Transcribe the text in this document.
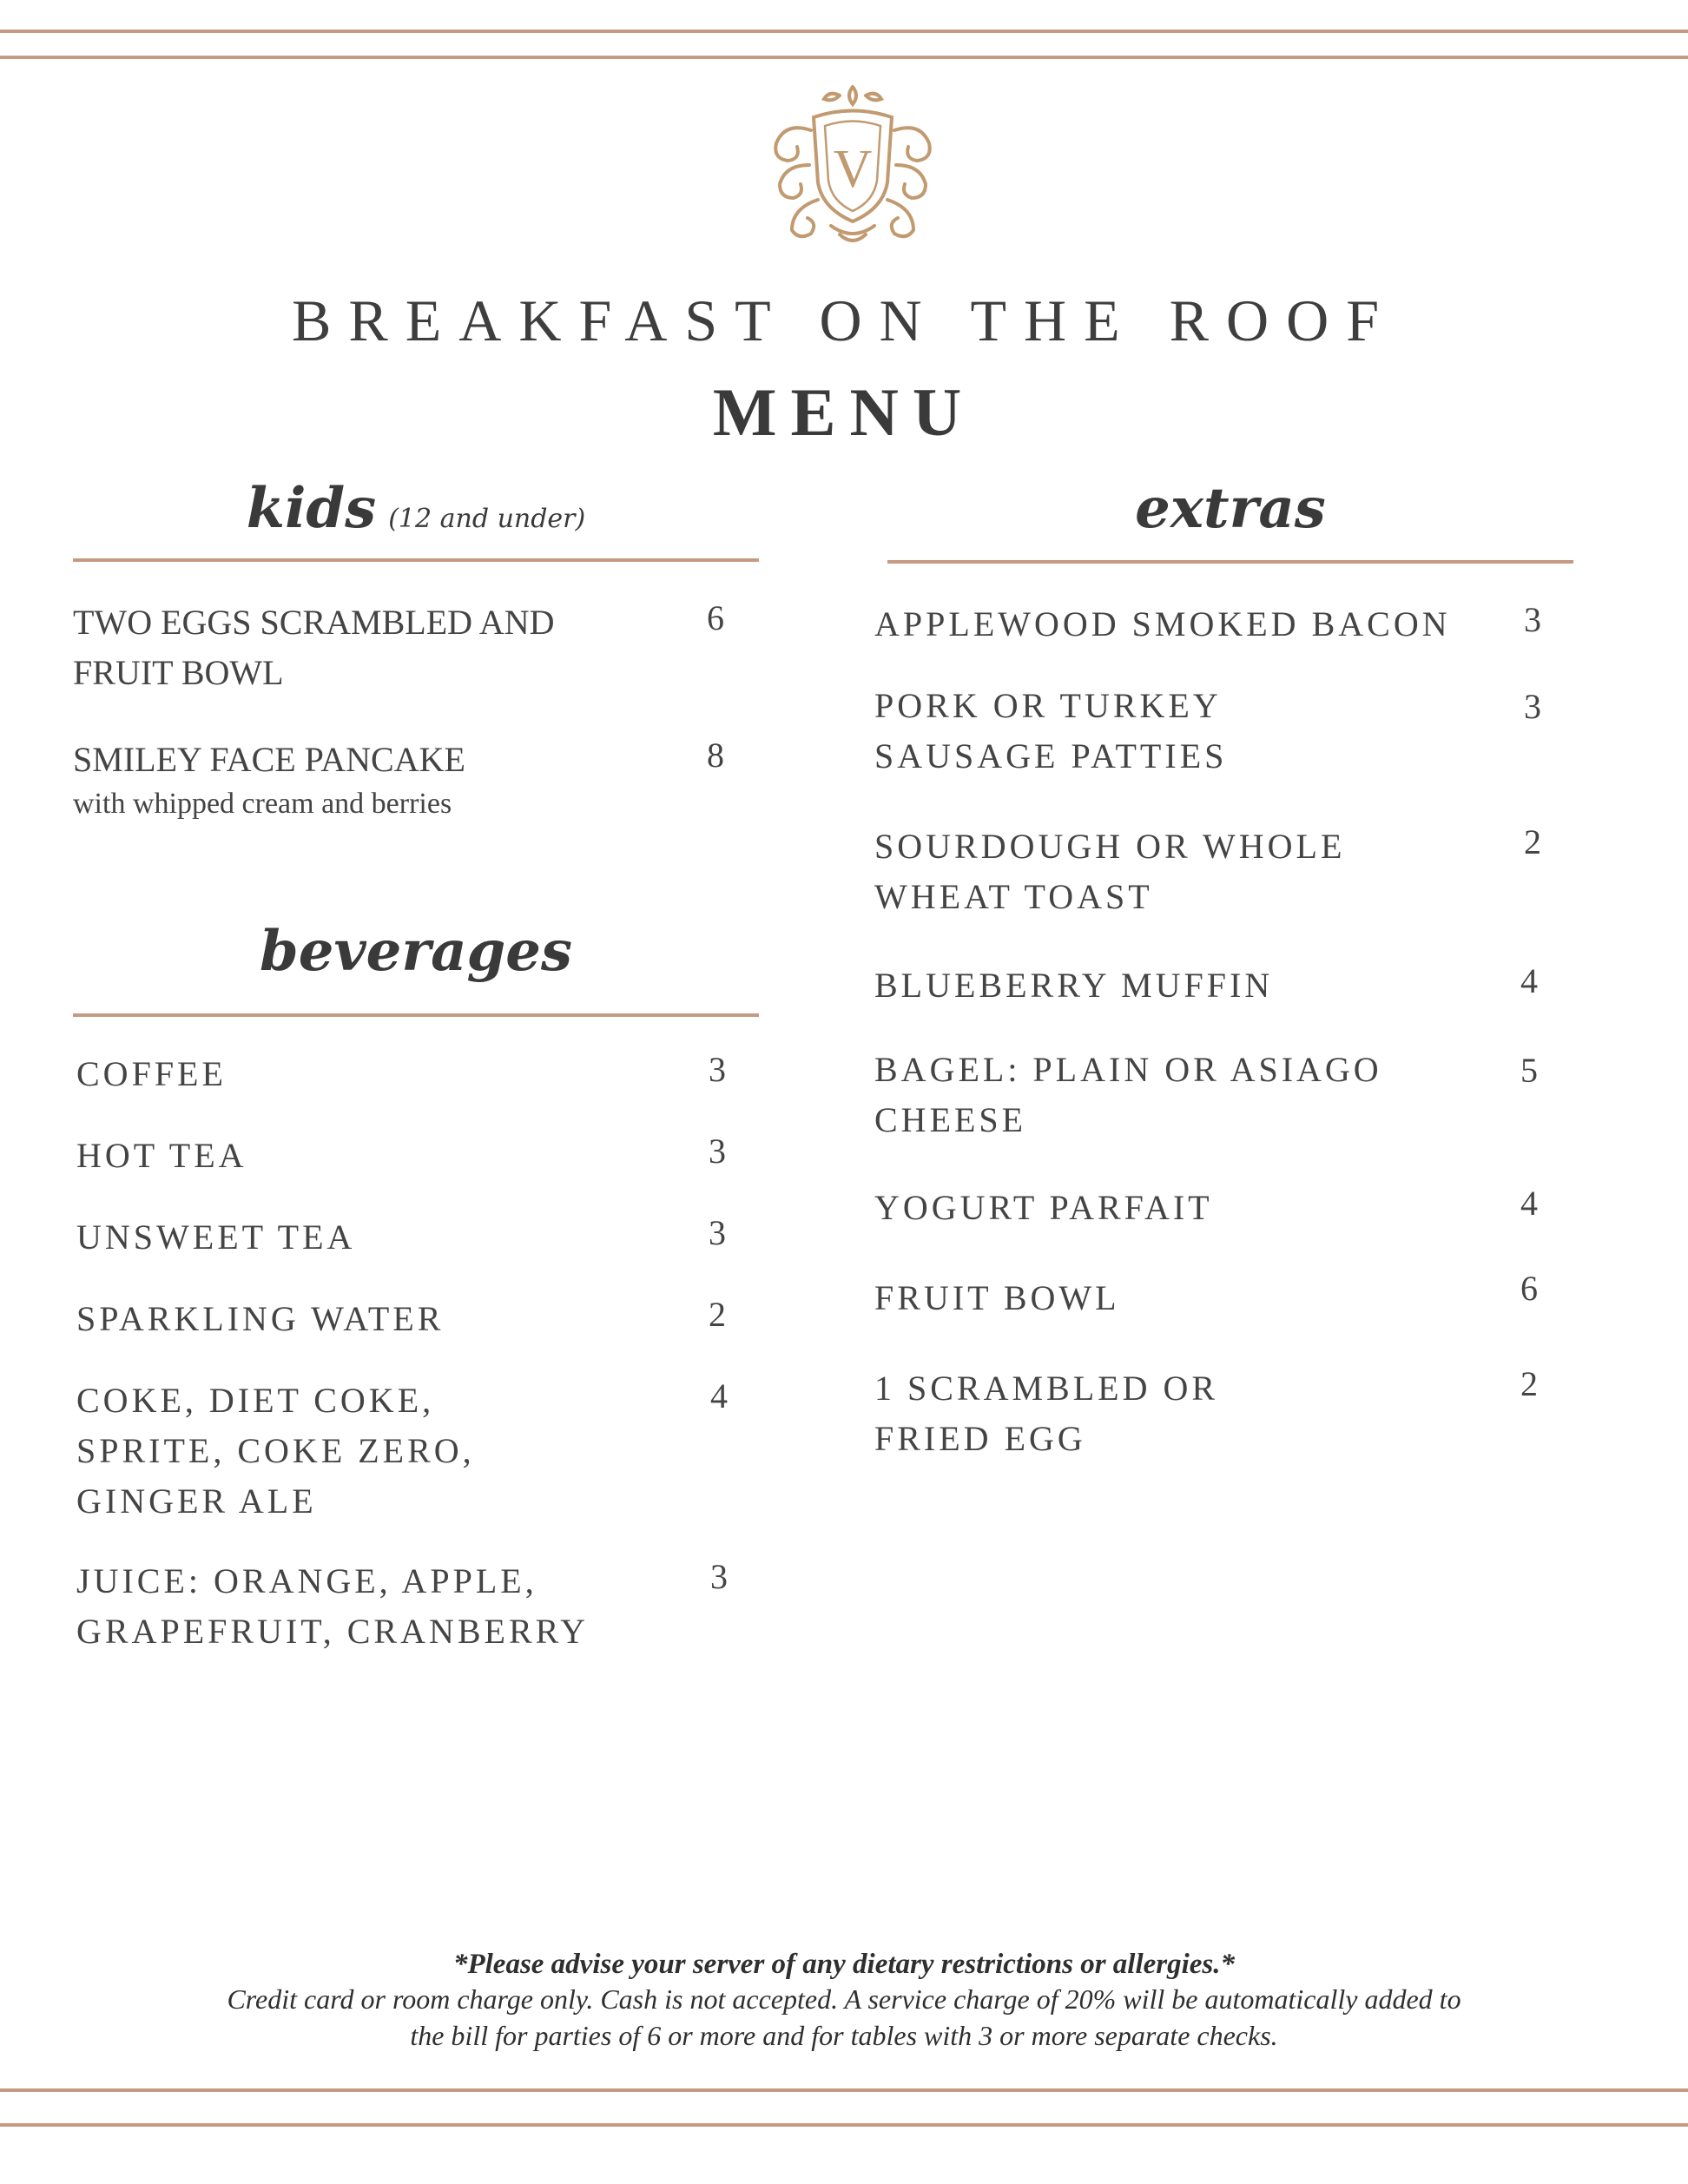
V
BREAKFAST ON THE ROOF
MENU
kids (12 and under)
TWO EGGS SCRAMBLED AND
FRUIT BOWL
6
SMILEY FACE PANCAKE
with whipped cream and berries
8
beverages
COFFEE	3
HOT TEA	3
UNSWEET TEA	3
SPARKLING WATER	2
COKE, DIET COKE,
SPRITE, COKE ZERO,
GINGER ALE
4
JUICE: ORANGE, APPLE,
GRAPEFRUIT, CRANBERRY
3
extras
APPLEWOOD SMOKED BACON	3
PORK OR TURKEY
SAUSAGE PATTIES
3
SOURDOUGH OR WHOLE
WHEAT TOAST
2
BLUEBERRY MUFFIN	4
BAGEL: PLAIN OR ASIAGO
CHEESE
5
YOGURT PARFAIT	4
FRUIT BOWL	6
1 SCRAMBLED OR
FRIED EGG
2
*Please advise your server of any dietary restrictions or allergies.*
Credit card or room charge only. Cash is not accepted. A service charge of 20% will be automatically added to
the bill for parties of 6 or more and for tables with 3 or more separate checks.
